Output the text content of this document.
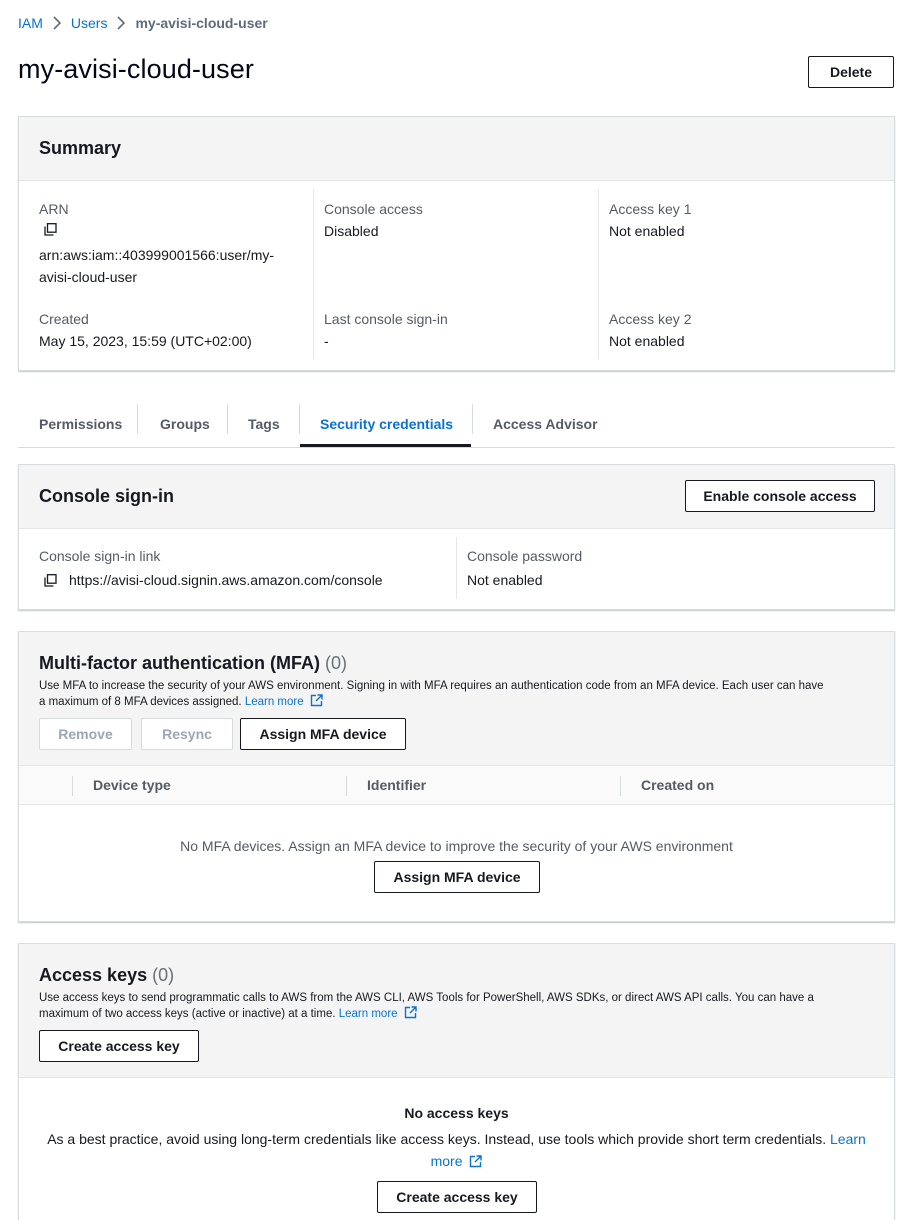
IAM Users my-avisi-cloud-user
my-avisi-cloud-user	Delete
Summary
ARN
arn:aws:iam::403999001566:user/my-
avisi-cloud-user
Created
May 15, 2023, 15:59 (UTC+02:00)
Console access
Disabled
Last console sign-in
-
Access key 1
Not enabled
Access key 2
Not enabled
Permissions	Groups	Tags	Security credentials	Access Advisor
Console sign-in	Enable console access
Console sign-in link
https://avisi-cloud.signin.aws.amazon.com/console
Console password
Not enabled
Multi-factor authentication (MFA) (0)
Use MFA to increase the security of your AWS environment. Signing in with MFA requires an authentication code from an MFA device. Each user can have
a maximum of 8 MFA devices assigned. Learn more
Remove	Resync	Assign MFA device
Device type	Identifier	Created on
No MFA devices. Assign an MFA device to improve the security of your AWS environment
Assign MFA device
Access keys (0)
Use access keys to send programmatic calls to AWS from the AWS CLI, AWS Tools for PowerShell, AWS SDKs, or direct AWS API calls. You can have a
maximum of two access keys (active or inactive) at a time. Learn more
Create access key
No access keys
As a best practice, avoid using long-term credentials like access keys. Instead, use tools which provide short term credentials. Learn
more
Create access key
